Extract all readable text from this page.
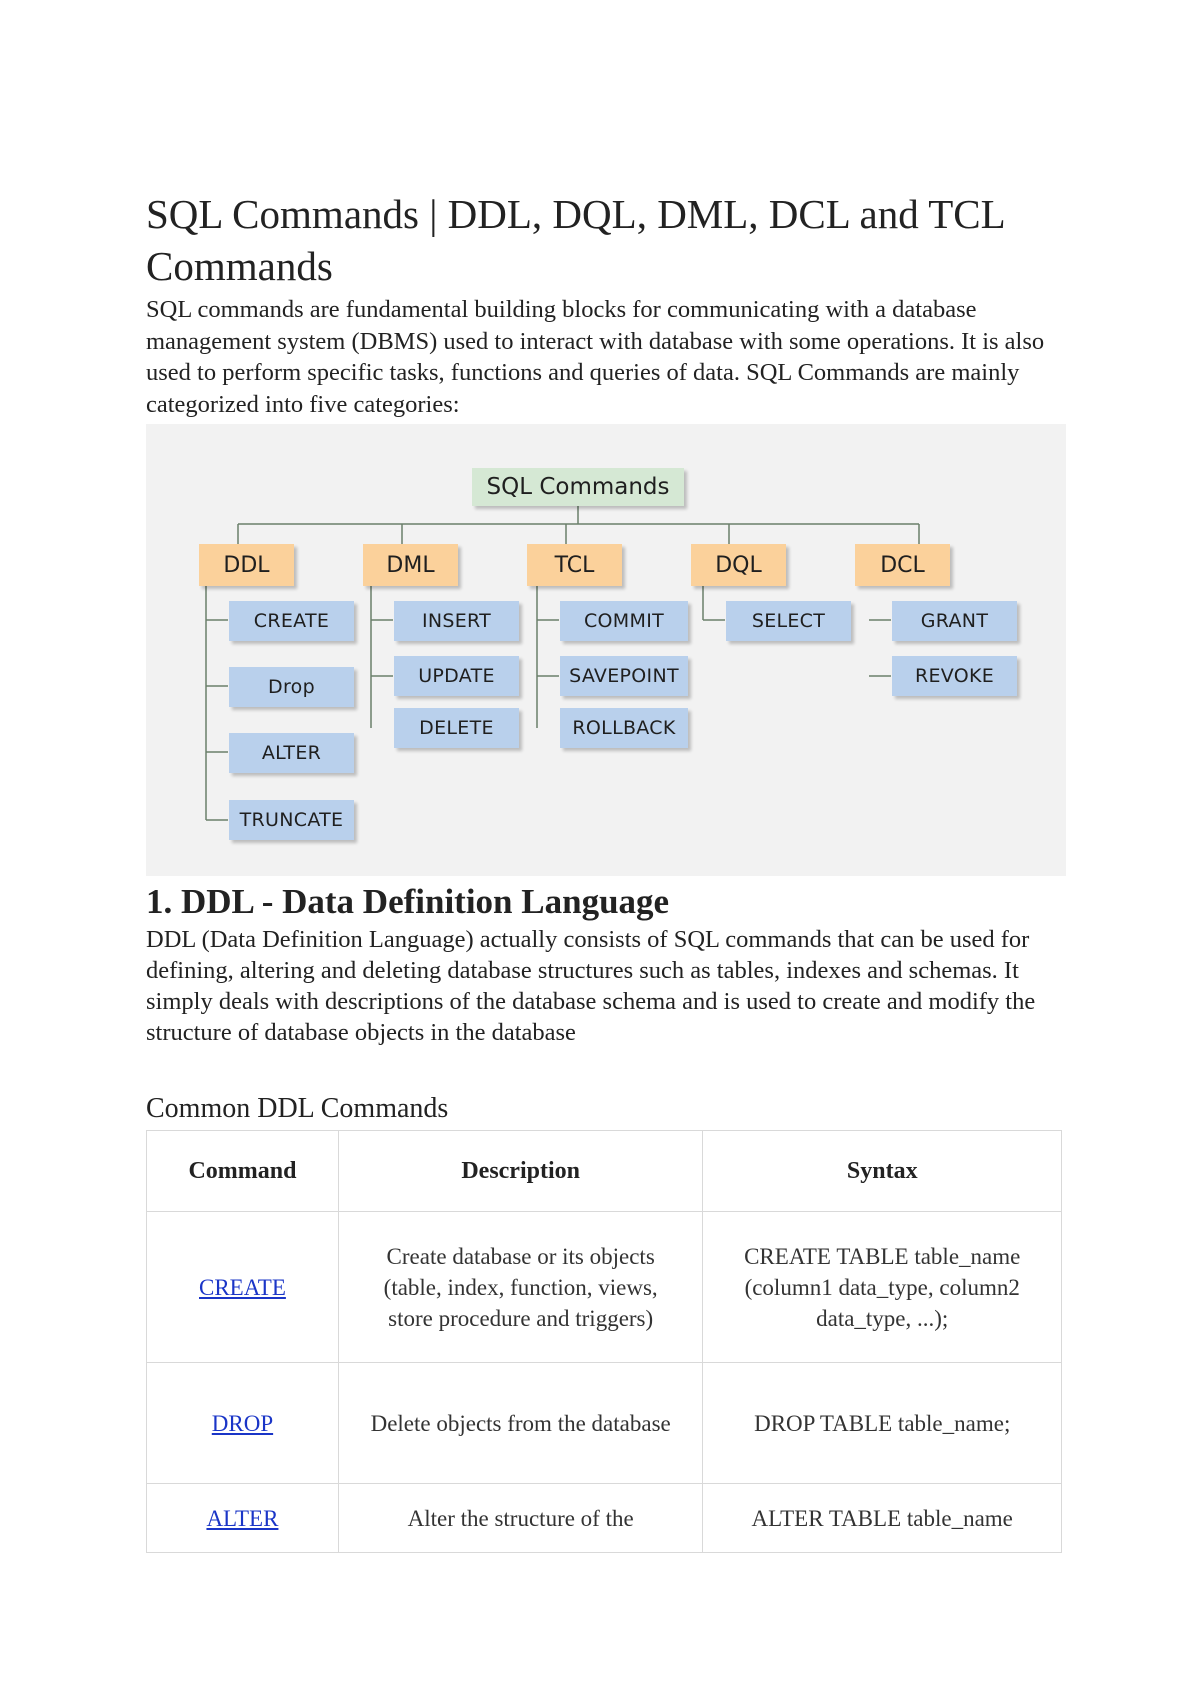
SQL Commands | DDL, DQL, DML, DCL and TCL Commands

SQL commands are fundamental building blocks for communicating with a database management system (DBMS) used to interact with database with some operations. It is also used to perform specific tasks, functions and queries of data. SQL Commands are mainly categorized into five categories:

SQL Commands
DDL	DML	TCL	DQL	DCL
CREATE
Drop
ALTER
TRUNCATE
INSERT
UPDATE
DELETE
COMMIT
SAVEPOINT
ROLLBACK
SELECT	GRANT
REVOKE
1. DDL - Data Definition Language

DDL (Data Definition Language) actually consists of SQL commands that can be used for defining, altering and deleting database structures such as tables, indexes and schemas. It simply deals with descriptions of the database schema and is used to create and modify the structure of database objects in the database

Common DDL Commands

Command	Description	Syntax
CREATE	Create database or its objects (table, index, function, views, store procedure and triggers)	CREATE TABLE table_name (column1 data_type, column2 data_type, ...);
DROP	Delete objects from the database	DROP TABLE table_name;
ALTER	Alter the structure of the	ALTER TABLE table_name
